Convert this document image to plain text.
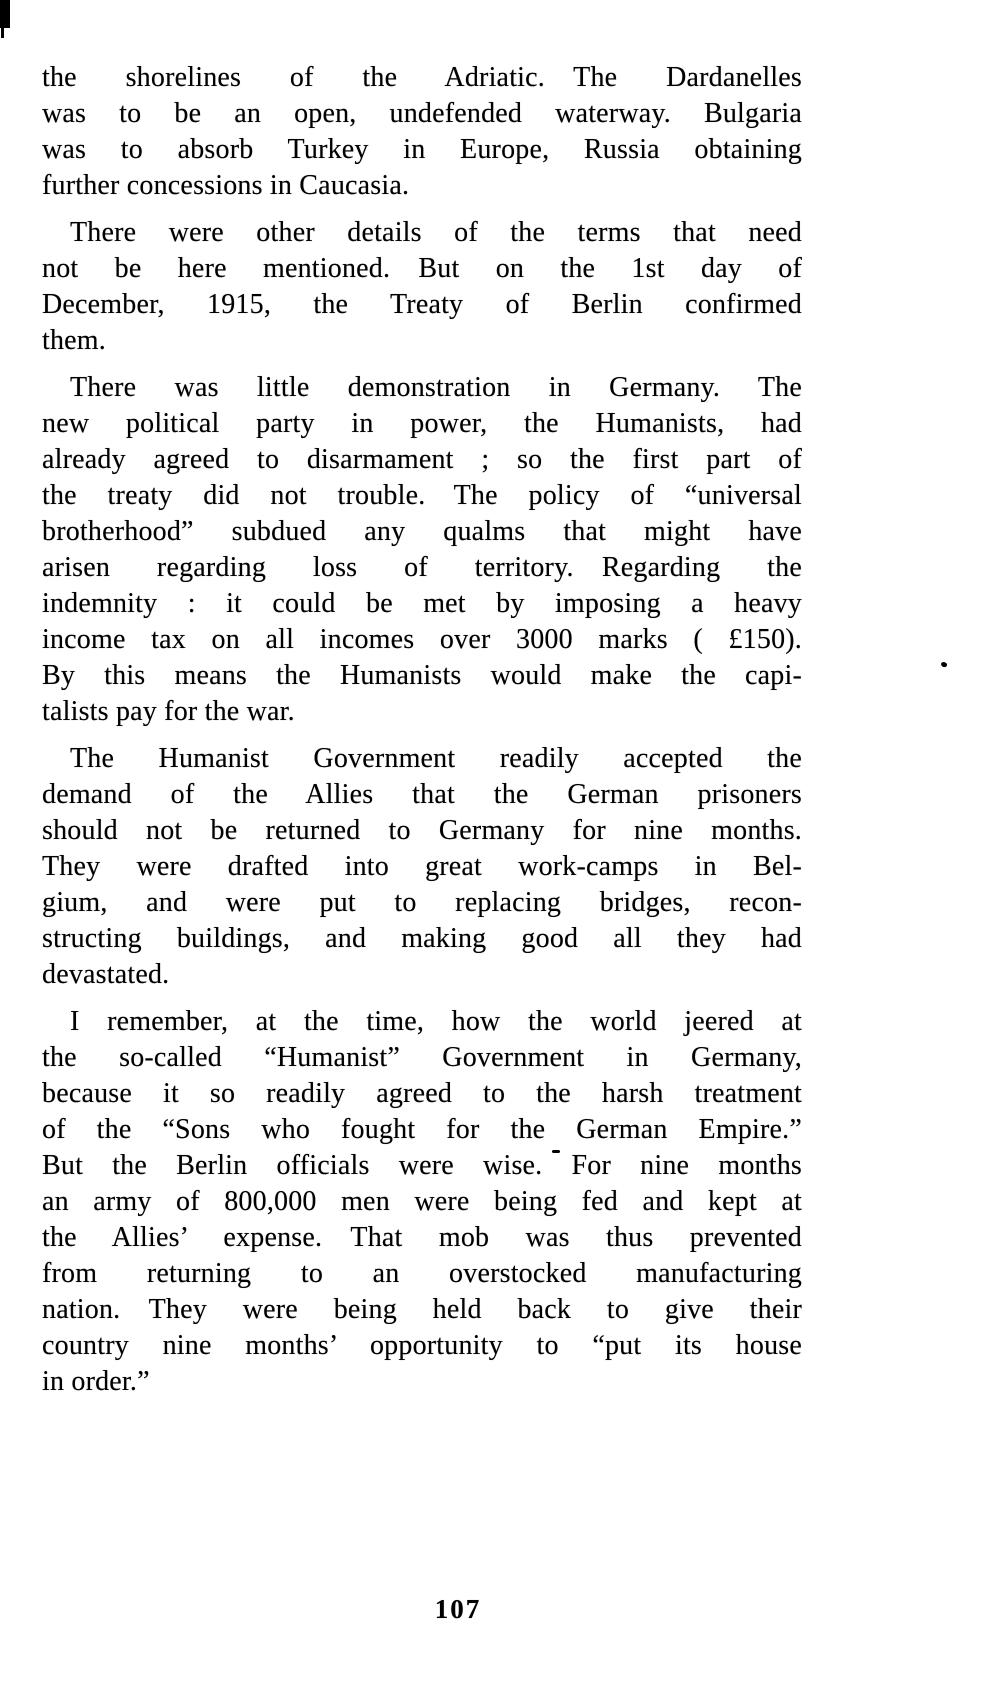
the shorelines of the Adriatic. The Dardanelles
was to be an open, undefended waterway. Bulgaria
was to absorb Turkey in Europe, Russia obtaining
further concessions in Caucasia.
There were other details of the terms that need
not be here mentioned. But on the 1st day of
December, 1915, the Treaty of Berlin confirmed
them.
There was little demonstration in Germany. The
new political party in power, the Humanists, had
already agreed to disarmament ; so the first part of
the treaty did not trouble. The policy of “universal
brotherhood” subdued any qualms that might have
arisen regarding loss of territory. Regarding the
indemnity : it could be met by imposing a heavy
income tax on all incomes over 3000 marks ( £150).
By this means the Humanists would make the capi-
talists pay for the war.
The Humanist Government readily accepted the
demand of the Allies that the German prisoners
should not be returned to Germany for nine months.
They were drafted into great work-camps in Bel-
gium, and were put to replacing bridges, recon-
structing buildings, and making good all they had
devastated.
I remember, at the time, how the world jeered at
the so-called “Humanist” Government in Germany,
because it so readily agreed to the harsh treatment
of the “Sons who fought for the German Empire.”
But the Berlin officials were wise. For nine months
an army of 800,000 men were being fed and kept at
the Allies’ expense. That mob was thus prevented
from returning to an overstocked manufacturing
nation. They were being held back to give their
country nine months’ opportunity to “put its house
in order.”
107
